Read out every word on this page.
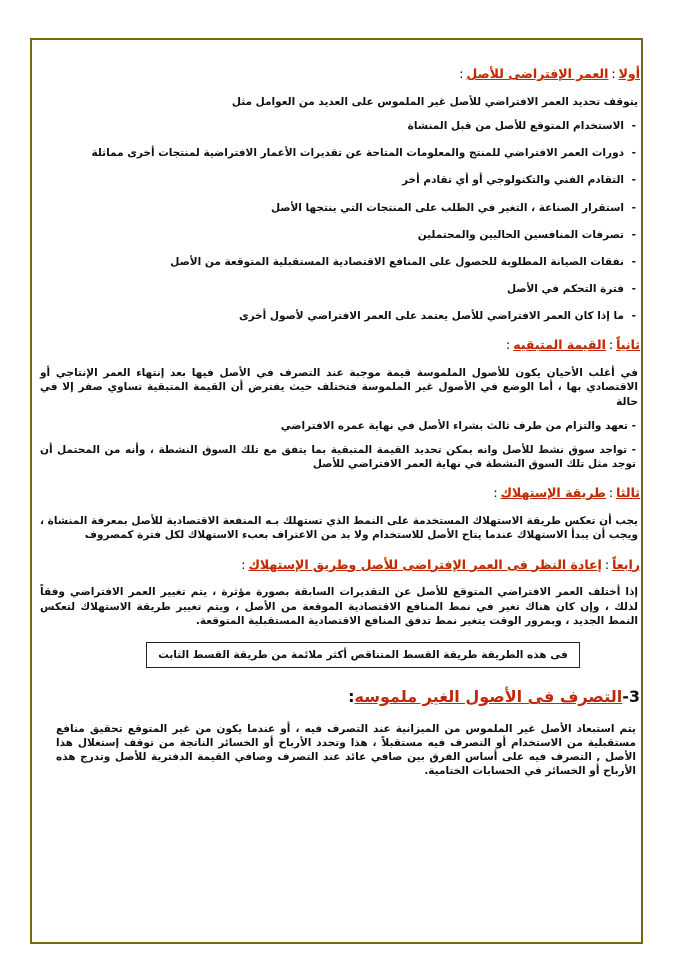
أولا:العمر الإفتراضى للأصل:
يتوقف تحديد العمر الافتراضي للأصل غير الملموس على العديد من العوامل مثل
- الاستخدام المتوقع للأصل من قبل المنشاة
- دورات العمر الافتراضي للمنتج والمعلومات المتاحة عن تقديرات الأعمار الافتراضية لمنتجات أخرى مماثلة
- التقادم الفني والتكنولوجي أو أي تقادم أخر
- استقرار الصناعة ، التغير في الطلب على المنتجات التي ينتجها الأصل
- تصرفات المنافسين الحاليين والمحتملين
- نفقات الصيانة المطلوبة للحصول على المنافع الاقتصادية المستقبلية المتوقعة من الأصل
- فترة التحكم في الأصل
- ما إذا كان العمر الافتراضي للأصل يعتمد على العمر الافتراضي لأصول أخرى
ثانياً:القيمة المتبقيه:
في أغلب الأحيان يكون للأصول الملموسة قيمة موجبة عند التصرف في الأصل فيها بعد إنتهاء العمر الإنتاجي أو الاقتصادي بها ، أما الوضع في الأصول غير الملموسة فتختلف حيث يفترض أن القيمة المتبقية تساوي صفر إلا في حالة
- تعهد والتزام من طرف ثالث بشراء الأصل في نهاية عمره الافتراضي
- تواجد سوق نشط للأصل وانه يمكن تحديد القيمة المتبقية بما يتفق مع تلك السوق النشطة ، وأنه من المحتمل أن توجد مثل تلك السوق النشطة في نهاية العمر الافتراضي للأصل
ثالثا:طريقة الإستهلاك:
يجب أن تعكس طريقة الاستهلاك المستخدمة على النمط الذي تستهلك بـه المنفعة الاقتصادية للأصل بمعرفة المنشاة ، ويجب أن يبدأ الاستهلاك عندما يتاح الأصل للاستخدام ولا بد من الاعتراف بعبء الاستهلاك لكل فترة كمصروف
رابعاً:إعادة النظر فى العمر الإفتراضى للأصل وطريق الإستهلاك:
إذا أختلف العمر الافتراضي المتوقع للأصل عن التقديرات السابقة بصورة مؤثرة ، يتم تغيير العمر الافتراضي وفقاً لذلك ، وإن كان هناك تغير في نمط المنافع الاقتصادية الموقعة من الأصل ، ويتم تغيير طريقة الاستهلاك لتعكس النمط الجديد ، وبمرور الوقت يتغير نمط تدفق المنافع الاقتصادية المستقبلية المتوقعة.
فى هذه الطريقة طريقة القسط المتناقص أكثر ملائمة من طريقة القسط الثابت
3-التصرف فى الأصول الغير ملموسه:
يتم استبعاد الأصل غير الملموس من الميزانية عند التصرف فيه ، أو عندما يكون من غير المتوقع تحقيق منافع مستقبلية من الاستخدام أو التصرف فيه مستقبلاً ، هذا وتحدد الأرباح أو الخسائر الناتجة من توقف إستغلال هذا الأصل , التصرف فيه على أساس الفرق بين صافي عائد عند التصرف وصافي القيمة الدفترية للأصل وتدرج هذه الأرباح أو الخسائر في الحسابات الختامية.
